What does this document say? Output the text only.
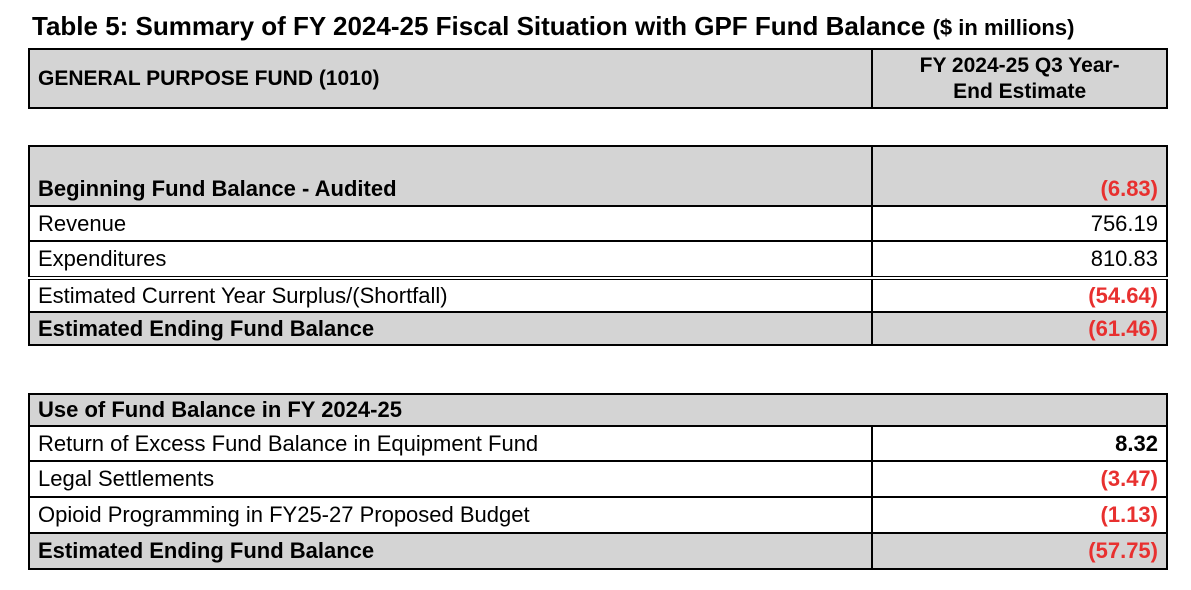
Table 5: Summary of FY 2024-25 Fiscal Situation with GPF Fund Balance ($ in millions)
GENERAL PURPOSE FUND (1010)	FY 2024-25 Q3 Year-
End Estimate
Beginning Fund Balance - Audited	(6.83)
Revenue	756.19
Expenditures	810.83
Estimated Current Year Surplus/(Shortfall)	(54.64)
Estimated Ending Fund Balance	(61.46)
Use of Fund Balance in FY 2024-25	
Return of Excess Fund Balance in Equipment Fund	8.32
Legal Settlements	(3.47)
Opioid Programming in FY25-27 Proposed Budget	(1.13)
Estimated Ending Fund Balance	(57.75)
